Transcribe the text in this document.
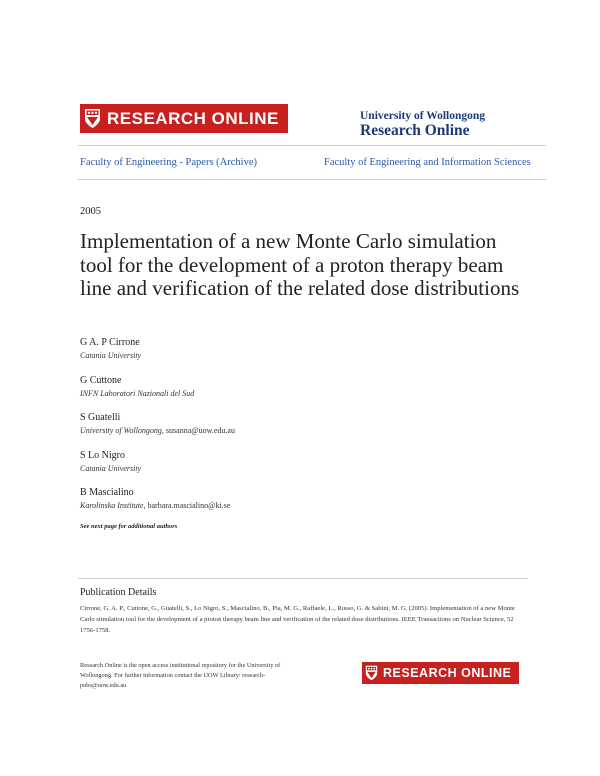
RESEARCH ONLINE	University of Wollongong
Research Online
Faculty of Engineering - Papers (Archive)	Faculty of Engineering and Information Sciences
2005
Implementation of a new Monte Carlo simulation tool for the development of a proton therapy beam line and verification of the related dose distributions
G A. P Cirrone
Catania University
G Cuttone
INFN Laboratori Nazionali del Sud
S Guatelli
University of Wollongong, susanna@uow.edu.au
S Lo Nigro
Catania University
B Mascialino
Karolinska Institute, barbara.mascialino@ki.se
See next page for additional authors
Publication Details
Cirrone, G. A. P., Cuttone, G., Guatelli, S., Lo Nigro, S., Mascialino, B., Pia, M. G., Raffaele, L., Russo, G. & Sabini, M. G. (2005). Implementation of a new Monte Carlo simulation tool for the development of a proton therapy beam line and verification of the related dose distributions. IEEE Transactions on Nuclear Science, 52 1756-1758.
Research Online is the open access institutional repository for the University of Wollongong. For further information contact the UOW Library: research-pubs@uow.edu.au
RESEARCH ONLINE
